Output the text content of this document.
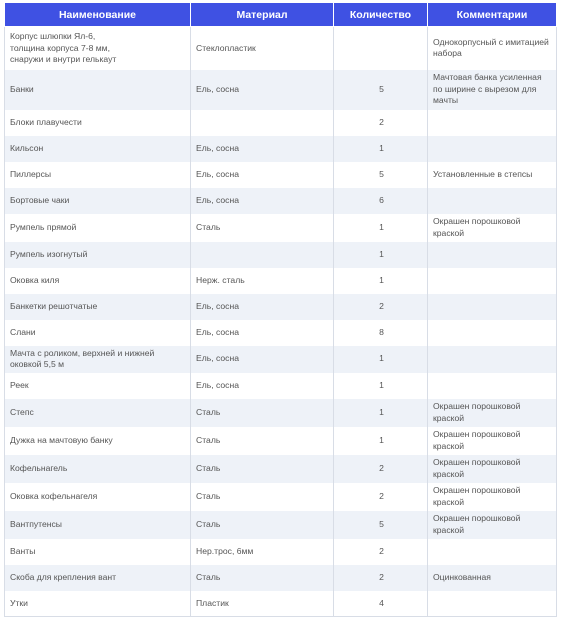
Наименование	Материал	Количество	Комментарии
Корпус шлюпки Ял-6,
толщина корпуса 7-8 мм,
снаружи и внутри гелькаут	Стеклопластик		Однокорпусный с имитацией набора
Банки	Ель, сосна	5	Мачтовая банка усиленная по ширине с вырезом для мачты
Блоки плавучести		2	
Кильсон	Ель, сосна	1	
Пиллерсы	Ель, сосна	5	Установленные в степсы
Бортовые чаки	Ель, сосна	6	
Румпель прямой	Сталь	1	Окрашен порошковой краской
Румпель изогнутый		1	
Оковка киля	Нерж. сталь	1	
Банкетки решотчатые	Ель, сосна	2	
Слани	Ель, сосна	8	
Мачта с роликом, верхней и нижней оковкой 5,5 м	Ель, сосна	1	
Реек	Ель, сосна	1	
Степс	Сталь	1	Окрашен порошковой краской
Дужка на мачтовую банку	Сталь	1	Окрашен порошковой краской
Кофельнагель	Сталь	2	Окрашен порошковой краской
Оковка кофельнагеля	Сталь	2	Окрашен порошковой краской
Вантпутенсы	Сталь	5	Окрашен порошковой краской
Ванты	Нер.трос, 6мм	2	
Скоба для крепления вант	Сталь	2	Оцинкованная
Утки	Пластик	4	
